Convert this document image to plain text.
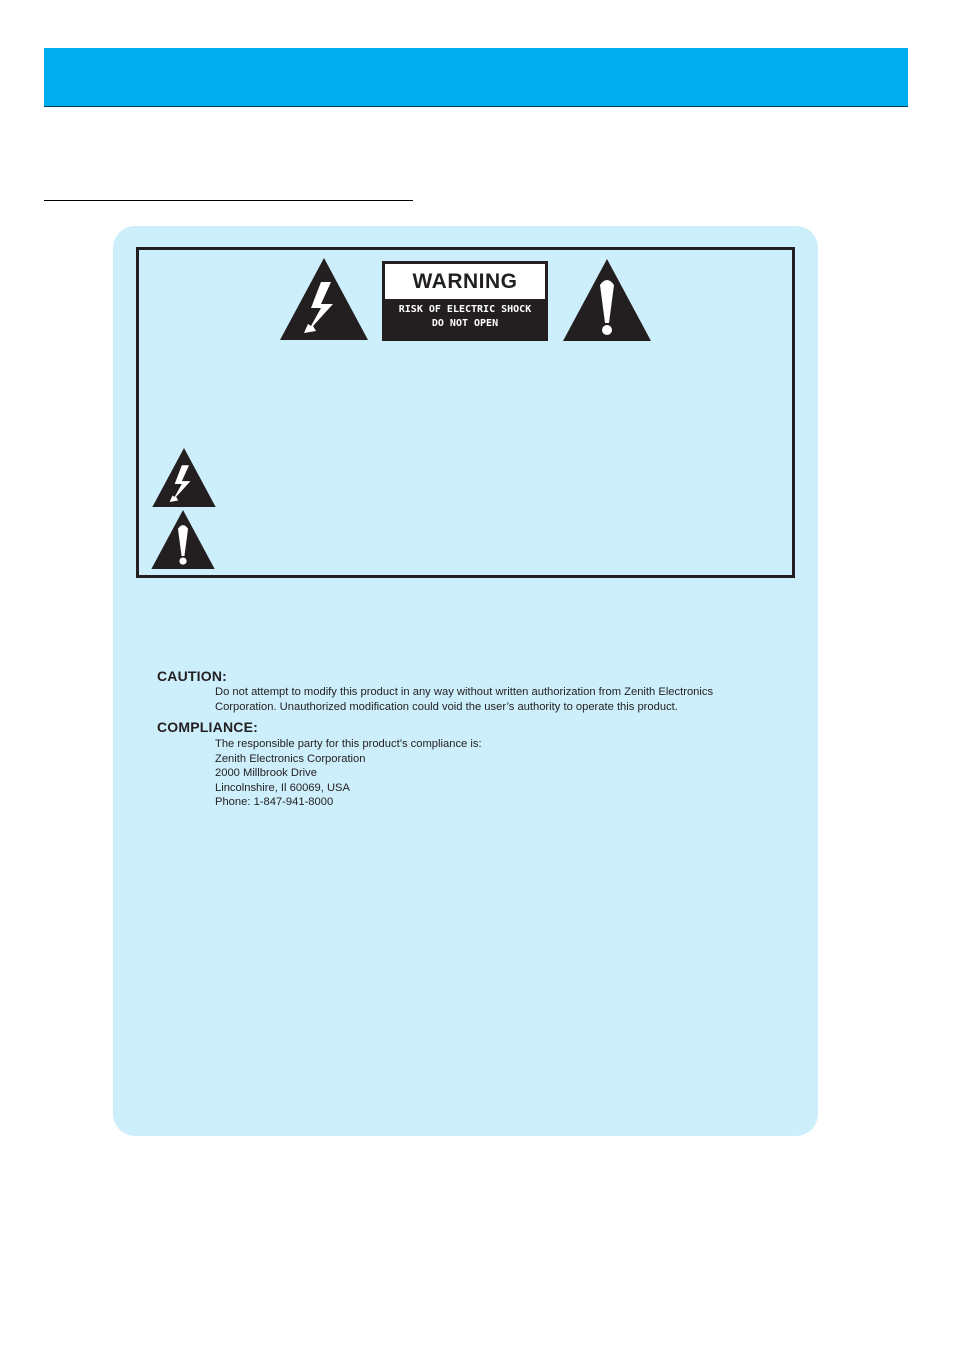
WARNING
RISK OF ELECTRIC SHOCK
DO NOT OPEN
CAUTION:
Do not attempt to modify this product in any way without written authorization from Zenith Electronics
Corporation. Unauthorized modification could void the user’s authority to operate this product.
COMPLIANCE:
The responsible party for this product’s compliance is:
Zenith Electronics Corporation
2000 Millbrook Drive
Lincolnshire, Il 60069, USA
Phone: 1-847-941-8000
